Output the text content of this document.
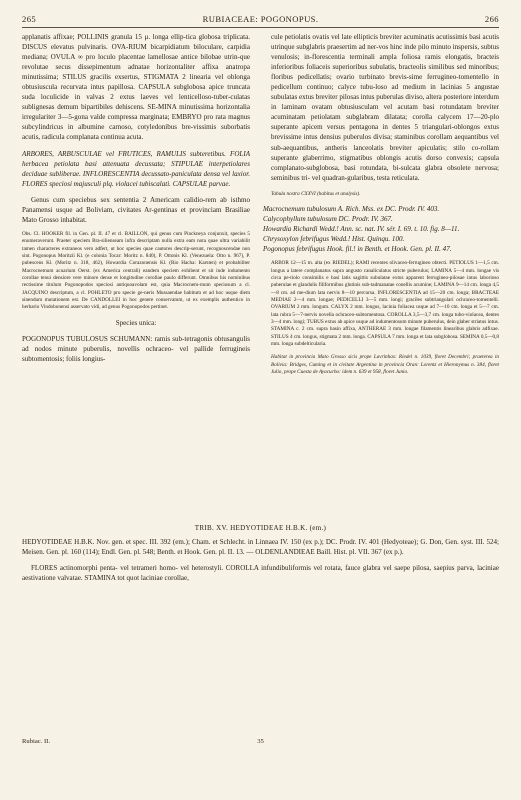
265	RUBIACEAE: POGONOPUS.	266

applanatis affixae; POLLINIS granula 15 μ. longa ellip-tica globosa triplicata. DISCUS elevatus pulvinaris. OVA-RIUM bicarpidiatum biloculare, carpidia mediana; OVULA ∞ pro loculo placentae lamellosae antice bilobae utrin-que revolutae secus dissepimentum adnatae horizontaliter affixa anatropa minutissima; STILUS gracilis exsertus, STIGMATA 2 linearia vel oblonga obtusiuscula recurvata intus papillosa. CAPSULA subglobosa apice truncata suda loculicide in valvas 2 extus laeves vel lenticelloso-tuber-culatas sublignesas demum bipartibiles dehiscens. SE-MINA minutissima horizontalia irregulariter 3—5-gona valde compressa marginata; EMBRYO pro rata magnus subcylindricus in albumine carnoso, cotyledonibus bre-vissimis suborbatis acutis, radicula complanata continua acuta.

ARBORES, ARBUSCULAE vel FRUTICES, RAMULIS subteretibus. FOLIA herbacea petiolata basi attenuata decussata; STIPULAE interpetiolares deciduae subliberae. INFLORESCENTIA decussato-paniculata densa vel laxior. FLORES speciosi majusculi plq. violacei tubiscalati. CAPSULAE parvae.

Genus cum speciebus sex sententia 2 Americam calidio-rem ab isthmo Panamensi usque ad Boliviam, civitates Ar-gentinas et provinciam Brasiliae Mato Grosso inhabitat.

Obs. Cl. HOOKER fil. in Gen. pl. II. 47 et cl. BAILLON, qui genus cum Pinckneya conjunxit, species 5 enumeraverunt. Praeter speciem Bra-silienseam infra descriptam nulla extra eam nota quae ultra variabilit tamen characteres extraneos vero adfert, ut hoc species quae cautores descrip-serunt, recognoscendae non sint. Pogonopus Moritzii Kl. (e colonia Tocar: Moritz n. 840), P. Ottonis Kl. (Venezuela: Otto n. 967), P. pubescens Kl. (Moritz n. 318, 462), Howardia Corazonensis Kl. (Rio Hacha: Karsten) et probabiliter Macrocnemum acuarium Oerst. (ex America centrali) eandem speciem exhibent et sit inde indumento corollae tenui densiore vere minore dense et longitudine corollae paulo differunt. Omnibus his nominibus rectissime titulum Pogonopodos speciosi antiquoavolam est, quia Macrocnem-mum speciosum a cl. JACQUINO descriptum, a cl. POHLETO pro specie ge-neris Mussaendae habitum et ad hoc usque diem sinendum mutationem est. De CANDOLLEI in hoc genere conservatum, ut ex exemplis authentico in herbario Vindobonensi asservato vidi, ad genus Pogonopodos pertinet.

Species unica:

POGONOPUS TUBULOSUS SCHUMANN: ramis sub-tetragonis obtusangulis ad nodos minute puberulis, novellis ochraceo- vel pallide ferrugineis subtomentosis; foliis longius-

cule petiolatis ovatis vel late ellipticis breviter acuminatis acutissimis basi acutis utrinque subglabris praesertim ad ner-vos hinc inde pilo minuto inspersis, subtus venulosis; in-florescentia terminali ampla foliosa ramis elongatis, bracteis inferioribus foliaceis superioribus subulatis, bracteolis similibus sed minoribus; floribus pedicellatis; ovario turbinato brevis-sime ferrugineo-tomentello in pedicellum continuo; calyce tubu-loso ad medium in lacinias 5 angustae subulatas extus breviter pilosas intus puberulas diviso, altera posteriore interdum in laminam ovatam obtusiusculam vel acutam basi rotundatam breviter acuminatam petiolatam subglabram dilatata; corolla calycem 17—20-plo superante apicem versus pentagona in dentes 5 triangulari-oblongos extus brevissime intus densius puberulos divisa; staminibus corollam aequantibus vel sub-aequantibus, antheris lanceolatis breviter apiculatis; stilo co-rollam superante glaberrimo, stigmatibus oblongis acutis dorso convexis; capsula complanato-subglobosa, basi rotundata, bi-sulcata glabra obsolete nervosa; seminibus tri- vel quadran-gularibus, testa reticulata.

Tabula nostra CXXVI (habitus et analysis).

Macrocnemum tubulosum A. Rich. Mss. ex DC. Prodr. IV. 403.

Calycophyllum tubulosum DC. Prodr. IV. 367.

Howardia Richardi Wedd.! Ann. sc. nat. IV. sér. I. 69. t. 10. fig. 8—11.

Chrysoxylon febrifugus Wedd.! Hist. Quinqu. 100.

Pogonopus febrifugus Hook. fil.! in Benth. et Hook. Gen. pl. II. 47.

ARBOR 12—15 m. alta (ex RIEDEL); RAMI recentes olivaceo-ferrugineo obtecti. PETIOLUS 1—1,5 cm. longus a latere complanatus supra angusto canaliculatus stricte puberulus; LAMINA 5—4 mm. longae vis circa pe-tiolo consimilis e basi latis sagittis subulatae extus apparent ferrugineo-pilosae intus laborioso puberulae et glandulis filiformibus glutinis sub-tadmanatae conellis acumine; LAMINA 9—14 cm. longa 4,5—8 cm. ad me-dium lata nervis 8—10 percursa. INFLORESCENTIA ad 15—20 cm. longa; BRACTEAE MEDIAE 2—4 mm. longae; PEDICELLI 3—5 mm. longi; graciles subtriangulari ochraceo-tomentelli. OVARIUM 2 mm. longum. CALYX 2 mm. longus, lacinia foliacea usque ad 7—10 cm. longa et 5—7 cm. lata rubra 5—7-nervis novella ochraceo-subtomentosa. COROLLA 3,5—3,7 cm. longa tubo-violacea, dentes 3—4 mm. longi; TUBUS extus ab apice usque ad indumentosum minute puberulus, dein glaber striatus intus. STAMINA c. 2 cm. supra basin affixa, ANTHERAE 3 mm. longae filamentis linearibus glabris adfixae. STILUS 4 cm. longus, stigmata 2 mm. longa. CAPSULA 7 mm. longa et lata subglobosa. SEMINA 0,5—0,8 mm. longa subdelticularia.

Habitat in provincia Mato Grosso sicis prope Lavrinhas: Riedel n. 1039, floret Decembri; praeterea in Bolivia: Bridges, Cuming et in civitate Argentina in provincia Oran: Lorentz et Hieronymus n. 384, floret Julio, prope Cuesta de Ayacucho: idem n. 639 et 958, floret Junio.

TRIB. XV. HEDYOTIDEAE H.B.K. (em.)

HEDYOTIDEAE H.B.K. Nov. gen. et spec. III. 392 (em.); Cham. et Schlecht. in Linnaea IV. 150 (ex p.); DC. Prodr. IV. 401 (Hedyoteae); G. Don, Gen. syst. III. 524; Meisen. Gen. pl. 160 (114); Endl. Gen. pl. 548; Benth. et Hook. Gen. pl. II. 13. — OLDENLANDIEAE Baill. Hist. pl. VII. 367 (ex p.).

FLORES actinomorphi penta- vel tetrameri homo- vel heterostyli. COROLLA infundibuliformis vel rotata, fauce glabra vel saepe pilosa, saepius parva, laciniae aestivatione valvatae. STAMINA tot quot laciniae corollae,

Rubiac. II.	35
